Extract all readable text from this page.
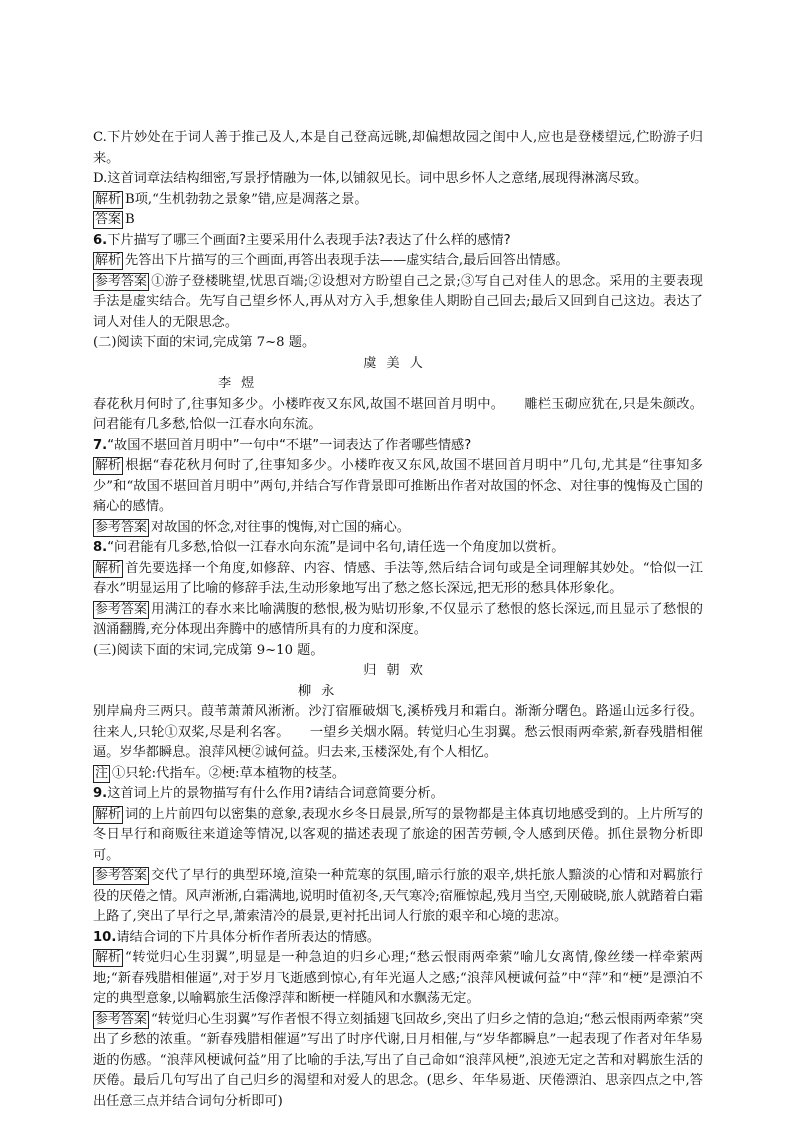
C.下片妙处在于词人善于推己及人,本是自己登高远眺,却偏想故园之闺中人,应也是登楼望远,伫盼游子归来。

D.这首词章法结构细密,写景抒情融为一体,以铺叙见长。词中思乡怀人之意绪,展现得淋漓尽致。

解析 B项,“生机勃勃之景象”错,应是凋落之景。

答案 B

6.下片描写了哪三个画面?主要采用什么表现手法?表达了什么样的感情?

解析 先答出下片描写的三个画面,再答出表现手法——虚实结合,最后回答出情感。

参考答案 ①游子登楼眺望,忧思百端;②设想对方盼望自己之景;③写自己对佳人的思念。采用的主要表现手法是虚实结合。先写自己望乡怀人,再从对方入手,想象佳人期盼自己回去;最后又回到自己这边。表达了词人对佳人的无限思念。

(二)阅读下面的宋词,完成第 7~8 题。

虞美人

李煜

春花秋月何时了,往事知多少。小楼昨夜又东风,故国不堪回首月明中。　　雕栏玉砌应犹在,只是朱颜改。问君能有几多愁,恰似一江春水向东流。

7.“故国不堪回首月明中”一句中“不堪”一词表达了作者哪些情感?

解析 根据“春花秋月何时了,往事知多少。小楼昨夜又东风,故国不堪回首月明中”几句,尤其是“往事知多少”和“故国不堪回首月明中”两句,并结合写作背景即可推断出作者对故国的怀念、对往事的愧悔及亡国的痛心的感情。

参考答案 对故国的怀念,对往事的愧悔,对亡国的痛心。

8.“问君能有几多愁,恰似一江春水向东流”是词中名句,请任选一个角度加以赏析。

解析 首先要选择一个角度,如修辞、内容、情感、手法等,然后结合词句或是全词理解其妙处。“恰似一江春水”明显运用了比喻的修辞手法,生动形象地写出了愁之悠长深远,把无形的愁具体形象化。

参考答案 用满江的春水来比喻满腹的愁恨,极为贴切形象,不仅显示了愁恨的悠长深远,而且显示了愁恨的汹涌翻腾,充分体现出奔腾中的感情所具有的力度和深度。

(三)阅读下面的宋词,完成第 9~10 题。

归朝欢

柳永

别岸扁舟三两只。葭苇萧萧风淅淅。沙汀宿雁破烟飞,溪桥残月和霜白。渐渐分曙色。路遥山远多行役。往来人,只轮①双桨,尽是利名客。　　一望乡关烟水隔。转觉归心生羽翼。愁云恨雨两牵萦,新春残腊相催逼。岁华都瞬息。浪萍风梗②诚何益。归去来,玉楼深处,有个人相忆。

注 ①只轮:代指车。②梗:草本植物的枝茎。

9.这首词上片的景物描写有什么作用?请结合词意简要分析。

解析 词的上片前四句以密集的意象,表现水乡冬日晨景,所写的景物都是主体真切地感受到的。上片所写的冬日早行和商贩往来道途等情况,以客观的描述表现了旅途的困苦劳顿,令人感到厌倦。抓住景物分析即可。

参考答案 交代了早行的典型环境,渲染一种荒寒的氛围,暗示行旅的艰辛,烘托旅人黯淡的心情和对羁旅行役的厌倦之情。风声淅淅,白霜满地,说明时值初冬,天气寒冷;宿雁惊起,残月当空,天刚破晓,旅人就踏着白霜上路了,突出了早行之早,萧索清冷的晨景,更衬托出词人行旅的艰辛和心境的悲凉。

10.请结合词的下片具体分析作者所表达的情感。

解析 “转觉归心生羽翼”,明显是一种急迫的归乡心理;“愁云恨雨两牵萦”喻儿女离情,像丝缕一样牵萦两地;“新春残腊相催逼”,对于岁月飞逝感到惊心,有年光逼人之感;“浪萍风梗诚何益”中“萍”和“梗”是漂泊不定的典型意象,以喻羁旅生活像浮萍和断梗一样随风和水飘荡无定。

参考答案 “转觉归心生羽翼”写作者恨不得立刻插翅飞回故乡,突出了归乡之情的急迫;“愁云恨雨两牵萦”突出了乡愁的浓重。“新春残腊相催逼”写出了时序代谢,日月相催,与“岁华都瞬息”一起表现了作者对年华易逝的伤感。“浪萍风梗诚何益”用了比喻的手法,写出了自己命如“浪萍风梗”,浪迹无定之苦和对羁旅生活的厌倦。最后几句写出了自己归乡的渴望和对爱人的思念。(思乡、年华易逝、厌倦漂泊、思亲四点之中,答出任意三点并结合词句分析即可)
